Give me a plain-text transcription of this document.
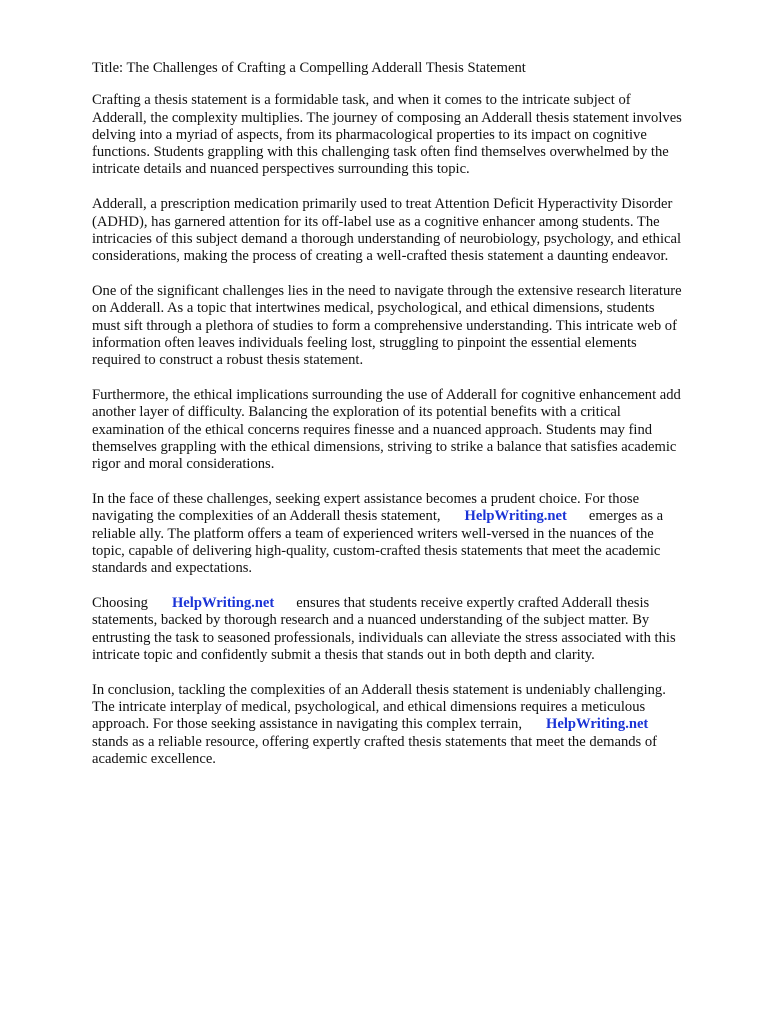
Title: The Challenges of Crafting a Compelling Adderall Thesis Statement
Crafting a thesis statement is a formidable task, and when it comes to the intricate subject of
Adderall, the complexity multiplies. The journey of composing an Adderall thesis statement involves
delving into a myriad of aspects, from its pharmacological properties to its impact on cognitive
functions. Students grappling with this challenging task often find themselves overwhelmed by the
intricate details and nuanced perspectives surrounding this topic.
Adderall, a prescription medication primarily used to treat Attention Deficit Hyperactivity Disorder
(ADHD), has garnered attention for its off-label use as a cognitive enhancer among students. The
intricacies of this subject demand a thorough understanding of neurobiology, psychology, and ethical
considerations, making the process of creating a well-crafted thesis statement a daunting endeavor.
One of the significant challenges lies in the need to navigate through the extensive research literature
on Adderall. As a topic that intertwines medical, psychological, and ethical dimensions, students
must sift through a plethora of studies to form a comprehensive understanding. This intricate web of
information often leaves individuals feeling lost, struggling to pinpoint the essential elements
required to construct a robust thesis statement.
Furthermore, the ethical implications surrounding the use of Adderall for cognitive enhancement add
another layer of difficulty. Balancing the exploration of its potential benefits with a critical
examination of the ethical concerns requires finesse and a nuanced approach. Students may find
themselves grappling with the ethical dimensions, striving to strike a balance that satisfies academic
rigor and moral considerations.
In the face of these challenges, seeking expert assistance becomes a prudent choice. For those
navigating the complexities of an Adderall thesis statement, HelpWriting.net emerges as a
reliable ally. The platform offers a team of experienced writers well-versed in the nuances of the
topic, capable of delivering high-quality, custom-crafted thesis statements that meet the academic
standards and expectations.
Choosing HelpWriting.net ensures that students receive expertly crafted Adderall thesis
statements, backed by thorough research and a nuanced understanding of the subject matter. By
entrusting the task to seasoned professionals, individuals can alleviate the stress associated with this
intricate topic and confidently submit a thesis that stands out in both depth and clarity.
In conclusion, tackling the complexities of an Adderall thesis statement is undeniably challenging.
The intricate interplay of medical, psychological, and ethical dimensions requires a meticulous
approach. For those seeking assistance in navigating this complex terrain, HelpWriting.net
stands as a reliable resource, offering expertly crafted thesis statements that meet the demands of
academic excellence.
